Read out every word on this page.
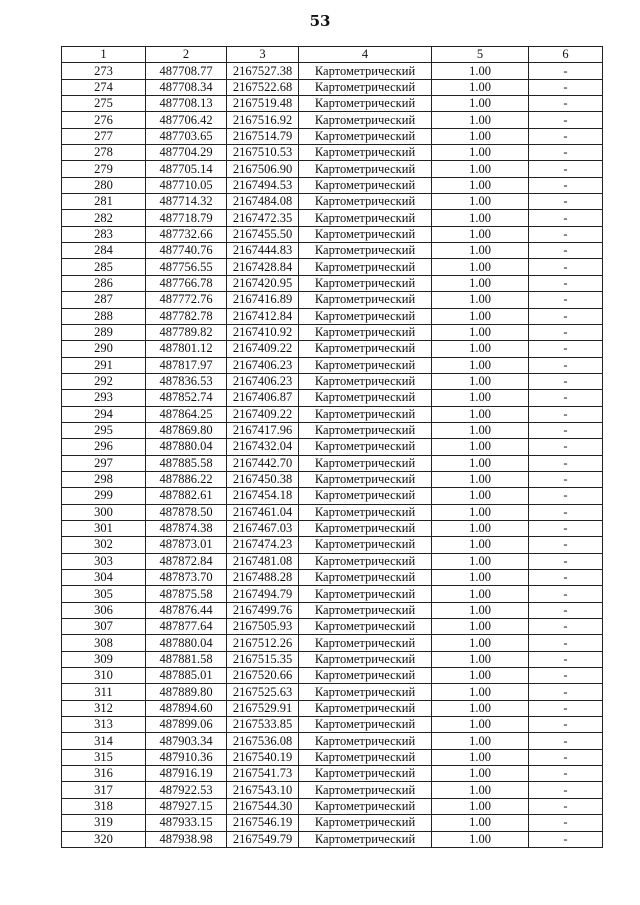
53
1	2	3	4	5	6
273	487708.77	2167527.38	Картометрический	1.00	-
274	487708.34	2167522.68	Картометрический	1.00	-
275	487708.13	2167519.48	Картометрический	1.00	-
276	487706.42	2167516.92	Картометрический	1.00	-
277	487703.65	2167514.79	Картометрический	1.00	-
278	487704.29	2167510.53	Картометрический	1.00	-
279	487705.14	2167506.90	Картометрический	1.00	-
280	487710.05	2167494.53	Картометрический	1.00	-
281	487714.32	2167484.08	Картометрический	1.00	-
282	487718.79	2167472.35	Картометрический	1.00	-
283	487732.66	2167455.50	Картометрический	1.00	-
284	487740.76	2167444.83	Картометрический	1.00	-
285	487756.55	2167428.84	Картометрический	1.00	-
286	487766.78	2167420.95	Картометрический	1.00	-
287	487772.76	2167416.89	Картометрический	1.00	-
288	487782.78	2167412.84	Картометрический	1.00	-
289	487789.82	2167410.92	Картометрический	1.00	-
290	487801.12	2167409.22	Картометрический	1.00	-
291	487817.97	2167406.23	Картометрический	1.00	-
292	487836.53	2167406.23	Картометрический	1.00	-
293	487852.74	2167406.87	Картометрический	1.00	-
294	487864.25	2167409.22	Картометрический	1.00	-
295	487869.80	2167417.96	Картометрический	1.00	-
296	487880.04	2167432.04	Картометрический	1.00	-
297	487885.58	2167442.70	Картометрический	1.00	-
298	487886.22	2167450.38	Картометрический	1.00	-
299	487882.61	2167454.18	Картометрический	1.00	-
300	487878.50	2167461.04	Картометрический	1.00	-
301	487874.38	2167467.03	Картометрический	1.00	-
302	487873.01	2167474.23	Картометрический	1.00	-
303	487872.84	2167481.08	Картометрический	1.00	-
304	487873.70	2167488.28	Картометрический	1.00	-
305	487875.58	2167494.79	Картометрический	1.00	-
306	487876.44	2167499.76	Картометрический	1.00	-
307	487877.64	2167505.93	Картометрический	1.00	-
308	487880.04	2167512.26	Картометрический	1.00	-
309	487881.58	2167515.35	Картометрический	1.00	-
310	487885.01	2167520.66	Картометрический	1.00	-
311	487889.80	2167525.63	Картометрический	1.00	-
312	487894.60	2167529.91	Картометрический	1.00	-
313	487899.06	2167533.85	Картометрический	1.00	-
314	487903.34	2167536.08	Картометрический	1.00	-
315	487910.36	2167540.19	Картометрический	1.00	-
316	487916.19	2167541.73	Картометрический	1.00	-
317	487922.53	2167543.10	Картометрический	1.00	-
318	487927.15	2167544.30	Картометрический	1.00	-
319	487933.15	2167546.19	Картометрический	1.00	-
320	487938.98	2167549.79	Картометрический	1.00	-
